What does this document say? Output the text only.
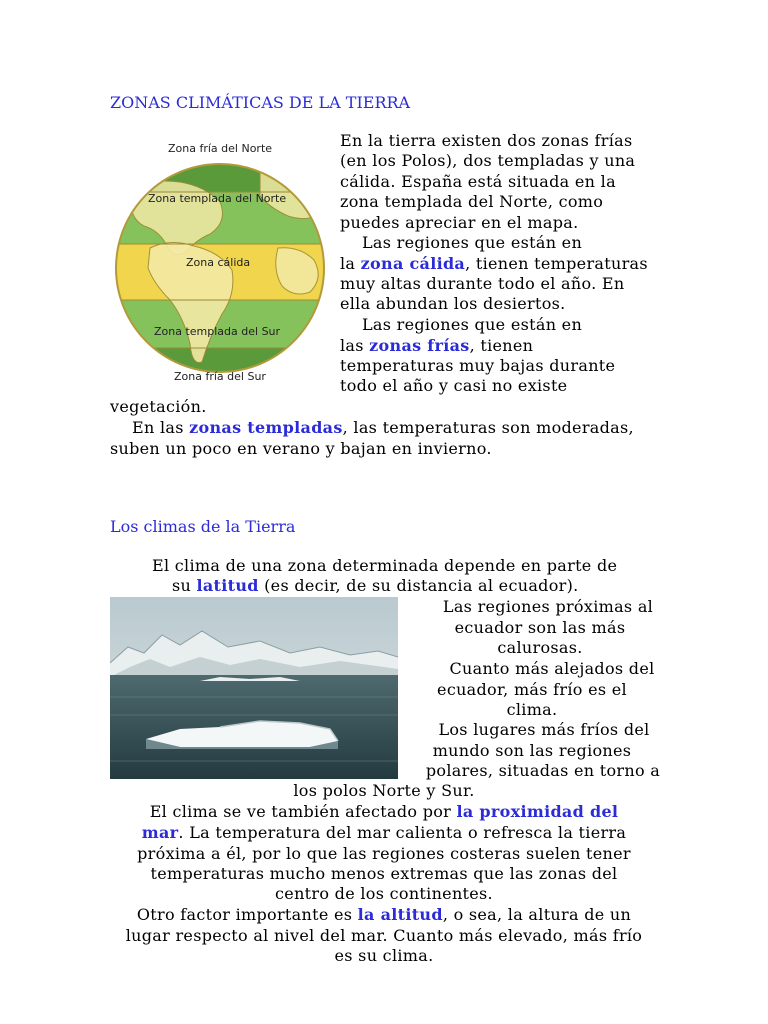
ZONAS CLIMÁTICAS DE LA TIERRA
Zona fría del Norte
Zona templada del Norte
Zona cálida
Zona templada del Sur
Zona fría del Sur
En la tierra existen dos zonas frías
(en los Polos), dos templadas y una
cálida. España está situada en la
zona templada del Norte, como
puedes apreciar en el mapa.
Las regiones que están en
la zona cálida, tienen temperaturas
muy altas durante todo el año. En
ella abundan los desiertos.
Las regiones que están en
las zonas frías, tienen
temperaturas muy bajas durante
todo el año y casi no existe
vegetación.
En las zonas templadas, las temperaturas son moderadas,
suben un poco en verano y bajan en invierno.
Los climas de la Tierra
El clima de una zona determinada depende en parte de
su latitud (es decir, de su distancia al ecuador).
Las regiones próximas al
ecuador son las más
calurosas.
Cuanto más alejados del
ecuador, más frío es el
clima.
Los lugares más fríos del
mundo son las regiones
polares, situadas en torno a
los polos Norte y Sur.
El clima se ve también afectado por la proximidad del
mar. La temperatura del mar calienta o refresca la tierra
próxima a él, por lo que las regiones costeras suelen tener
temperaturas mucho menos extremas que las zonas del
centro de los continentes.
Otro factor importante es la altitud, o sea, la altura de un
lugar respecto al nivel del mar. Cuanto más elevado, más frío
es su clima.
